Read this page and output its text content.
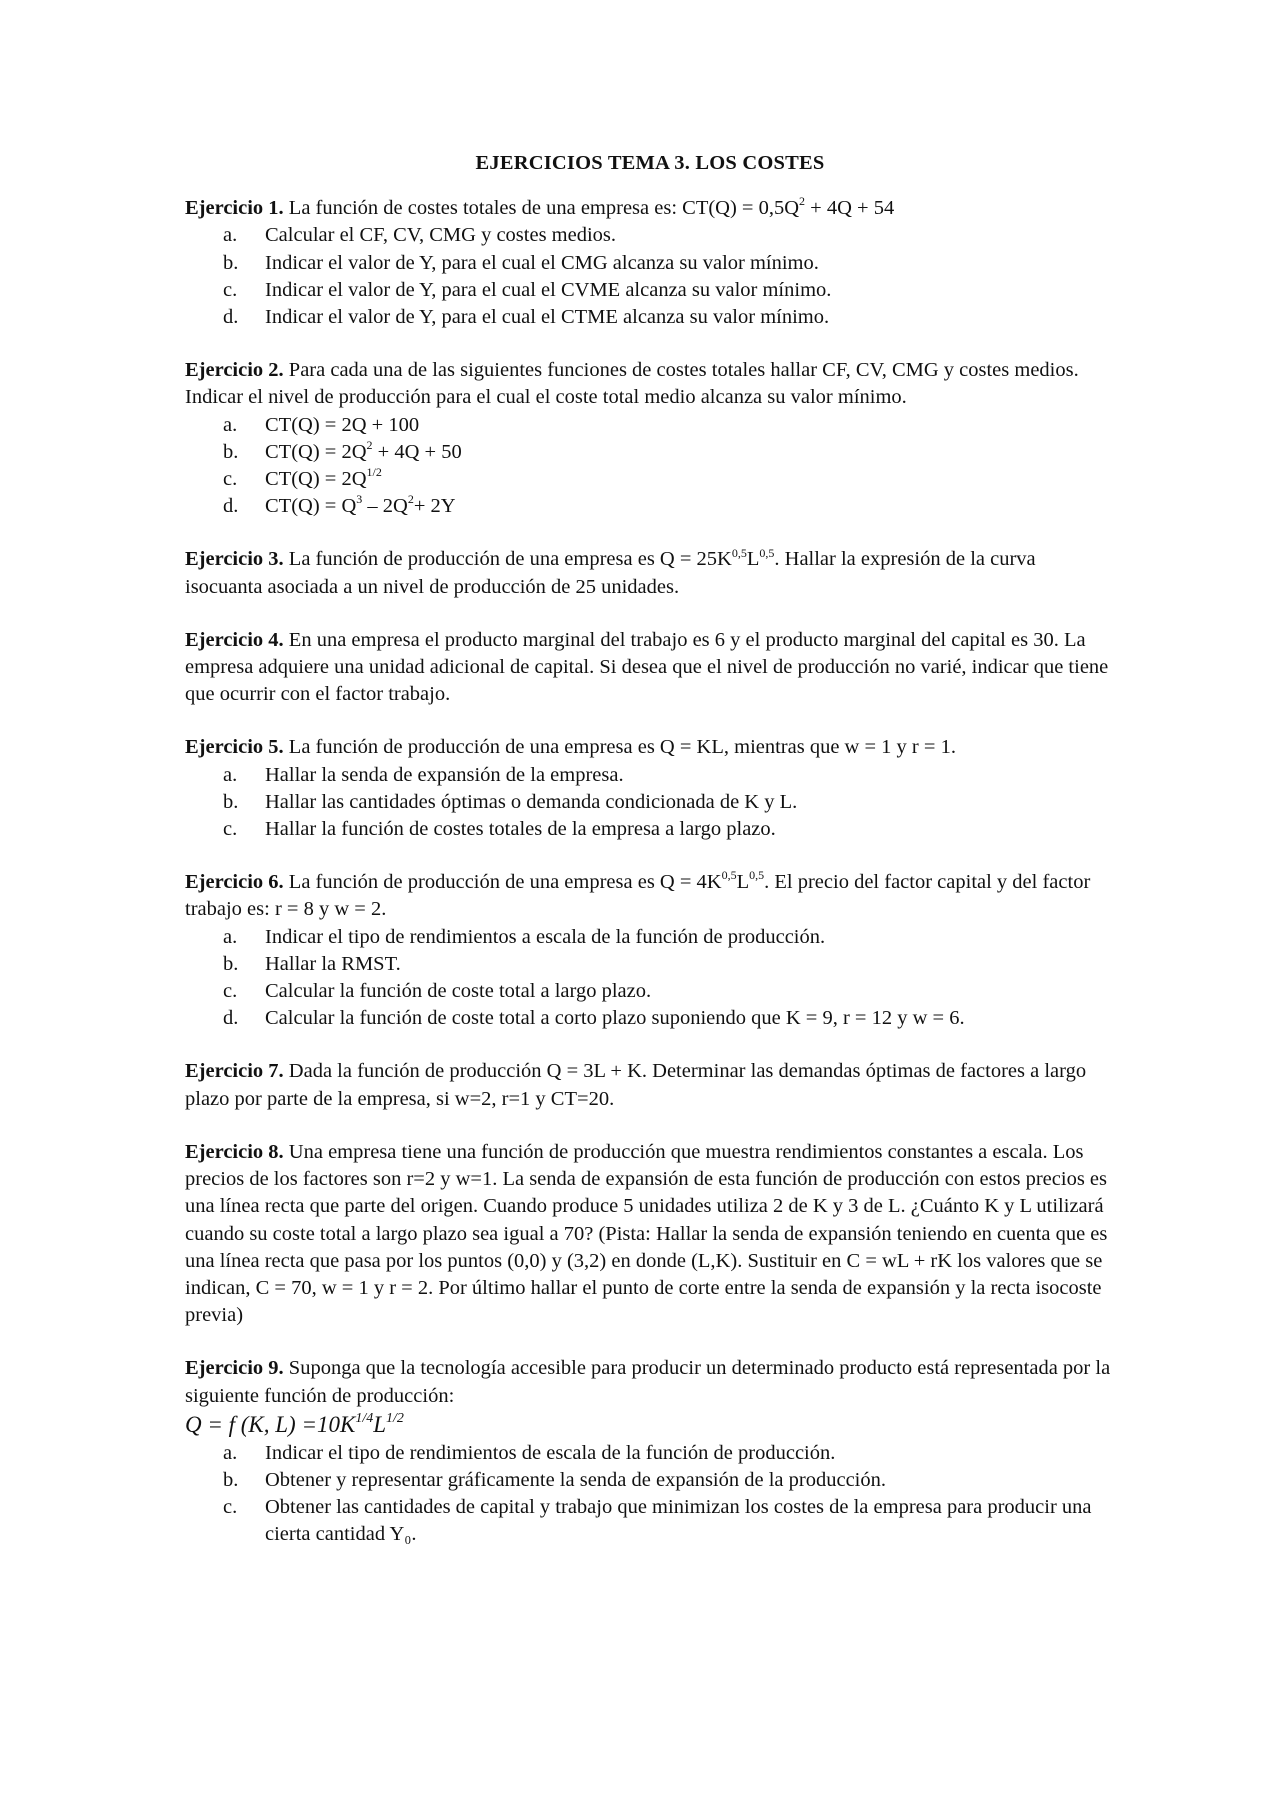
EJERCICIOS TEMA 3. LOS COSTES

Ejercicio 1. La función de costes totales de una empresa es: $CT(Q) = 0,5Q^2 + 4Q + 54$

a.	Calcular el CF, CV, CMG y costes medios.
b.	Indicar el valor de Y, para el cual el CMG alcanza su valor mínimo.
c.	Indicar el valor de Y, para el cual el CVME alcanza su valor mínimo.
d.	Indicar el valor de Y, para el cual el CTME alcanza su valor mínimo.

Ejercicio 2. Para cada una de las siguientes funciones de costes totales hallar CF, CV, CMG y costes medios. Indicar el nivel de producción para el cual el coste total medio alcanza su valor mínimo.

a.	CT(Q) = 2Q + 100
b.	$CT(Q) = 2Q^2 + 4Q + 50$
c.	$CT(Q) = 2Q^{1/2}$
d.	$CT(Q) = Q^3 - 2Q^2+ 2Y$

Ejercicio 3. La función de producción de una empresa es $Q = 25K^{0,5}L^{0,5}$. Hallar la expresión de la curva isocuanta asociada a un nivel de producción de 25 unidades.

Ejercicio 4. En una empresa el producto marginal del trabajo es 6 y el producto marginal del capital es 30. La empresa adquiere una unidad adicional de capital. Si desea que el nivel de producción no varié, indicar que tiene que ocurrir con el factor trabajo.

Ejercicio 5. La función de producción de una empresa es Q = KL, mientras que w = 1 y r = 1.

a.	Hallar la senda de expansión de la empresa.
b.	Hallar las cantidades óptimas o demanda condicionada de K y L.
c.	Hallar la función de costes totales de la empresa a largo plazo.

Ejercicio 6. La función de producción de una empresa es $Q = 4K^{0,5}L^{0,5}$. El precio del factor capital y del factor trabajo es: r = 8 y w = 2.

a.	Indicar el tipo de rendimientos a escala de la función de producción.
b.	Hallar la RMST.
c.	Calcular la función de coste total a largo plazo.
d.	Calcular la función de coste total a corto plazo suponiendo que K = 9, r = 12 y w = 6.

Ejercicio 7. Dada la función de producción Q = 3L + K. Determinar las demandas óptimas de factores a largo plazo por parte de la empresa, si w=2, r=1 y CT=20.

Ejercicio 8. Una empresa tiene una función de producción que muestra rendimientos constantes a escala. Los precios de los factores son r=2 y w=1. La senda de expansión de esta función de producción con estos precios es una línea recta que parte del origen. Cuando produce 5 unidades utiliza 2 de K y 3 de L. ¿Cuánto K y L utilizará cuando su coste total a largo plazo sea igual a 70? (Pista: Hallar la senda de expansión teniendo en cuenta que es una línea recta que pasa por los puntos (0,0) y (3,2) en donde (L,K). Sustituir en C = wL + rK los valores que se indican, C = 70, w = 1 y r = 2. Por último hallar el punto de corte entre la senda de expansión y la recta isocoste previa)

Ejercicio 9. Suponga que la tecnología accesible para producir un determinado producto está representada por la siguiente función de producción:

Q = f (K, $L) =10K^{1/4}L^{1/2}$

a.	Indicar el tipo de rendimientos de escala de la función de producción.
b.	Obtener y representar gráficamente la senda de expansión de la producción.
c.	Obtener las cantidades de capital y trabajo que minimizan los costes de la empresa para producir una cierta cantidad Y₀.
